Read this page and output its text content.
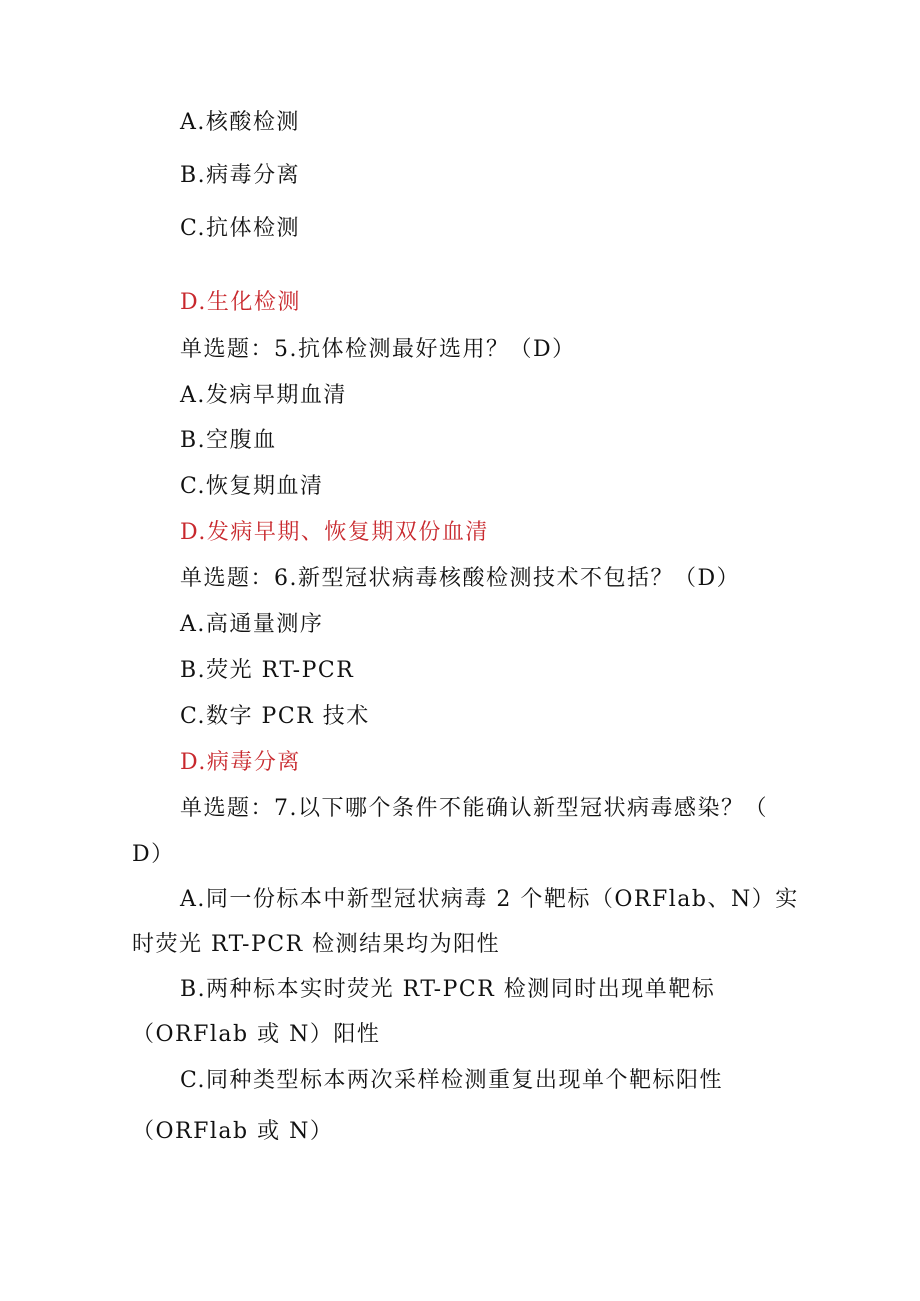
A.核酸检测
B.病毒分离
C.抗体检测
D.生化检测
单选题：5.抗体检测最好选用？（D）
A.发病早期血清
B.空腹血
C.恢复期血清
D.发病早期、恢复期双份血清
单选题：6.新型冠状病毒核酸检测技术不包括？（D）
A.高通量测序
B.荧光 RT-PCR
C.数字 PCR 技术
D.病毒分离
单选题：7.以下哪个条件不能确认新型冠状病毒感染？（
D）
A.同一份标本中新型冠状病毒 2 个靶标（ORFlab、N）实
时荧光 RT-PCR 检测结果均为阳性
B.两种标本实时荧光 RT-PCR 检测同时出现单靶标
（ORFlab 或 N）阳性
C.同种类型标本两次采样检测重复出现单个靶标阳性
（ORFlab 或 N）
